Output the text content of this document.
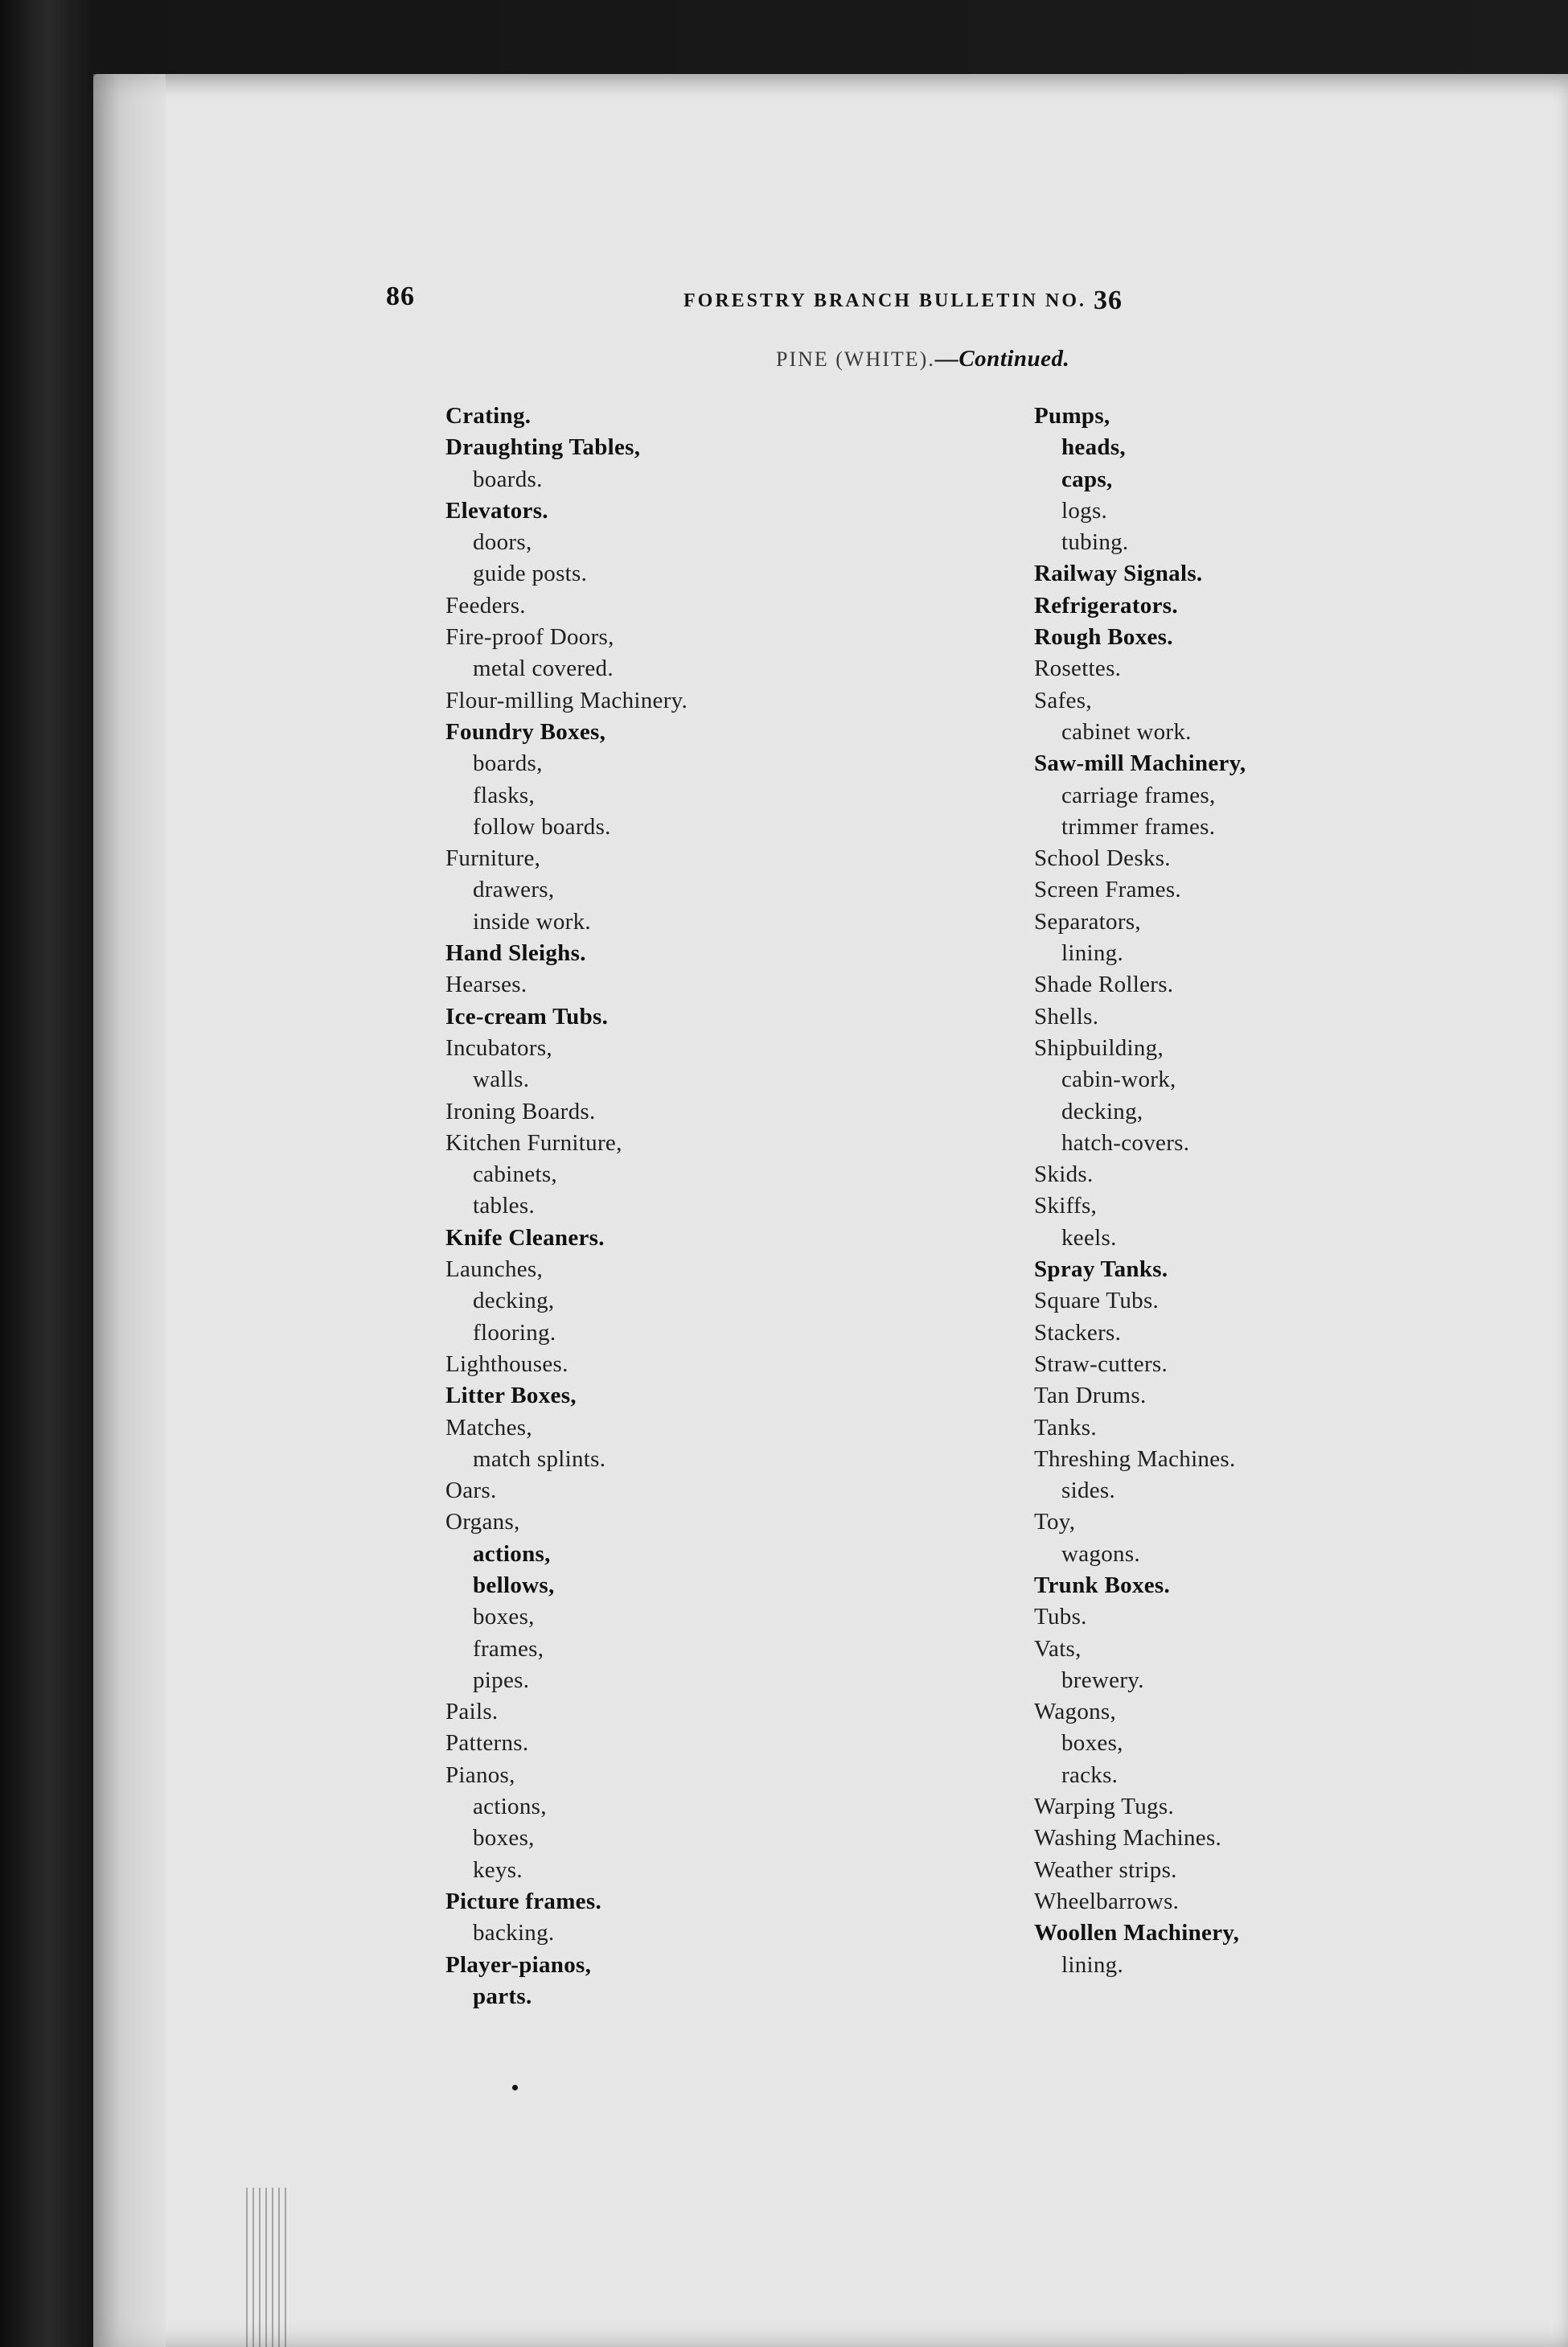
86	FORESTRY BRANCH BULLETIN NO. 36
PINE (WHITE).—Continued.
Crating.
Draughting Tables,
boards.
Elevators.
doors,
guide posts.
Feeders.
Fire-proof Doors,
metal covered.
Flour-milling Machinery.
Foundry Boxes,
boards,
flasks,
follow boards.
Furniture,
drawers,
inside work.
Hand Sleighs.
Hearses.
Ice-cream Tubs.
Incubators,
walls.
Ironing Boards.
Kitchen Furniture,
cabinets,
tables.
Knife Cleaners.
Launches,
decking,
flooring.
Lighthouses.
Litter Boxes,
Matches,
match splints.
Oars.
Organs,
actions,
bellows,
boxes,
frames,
pipes.
Pails.
Patterns.
Pianos,
actions,
boxes,
keys.
Picture frames.
backing.
Player-pianos,
parts.
Pumps,
heads,
caps,
logs.
tubing.
Railway Signals.
Refrigerators.
Rough Boxes.
Rosettes.
Safes,
cabinet work.
Saw-mill Machinery,
carriage frames,
trimmer frames.
School Desks.
Screen Frames.
Separators,
lining.
Shade Rollers.
Shells.
Shipbuilding,
cabin-work,
decking,
hatch-covers.
Skids.
Skiffs,
keels.
Spray Tanks.
Square Tubs.
Stackers.
Straw-cutters.
Tan Drums.
Tanks.
Threshing Machines.
sides.
Toy,
wagons.
Trunk Boxes.
Tubs.
Vats,
brewery.
Wagons,
boxes,
racks.
Warping Tugs.
Washing Machines.
Weather strips.
Wheelbarrows.
Woollen Machinery,
lining.
